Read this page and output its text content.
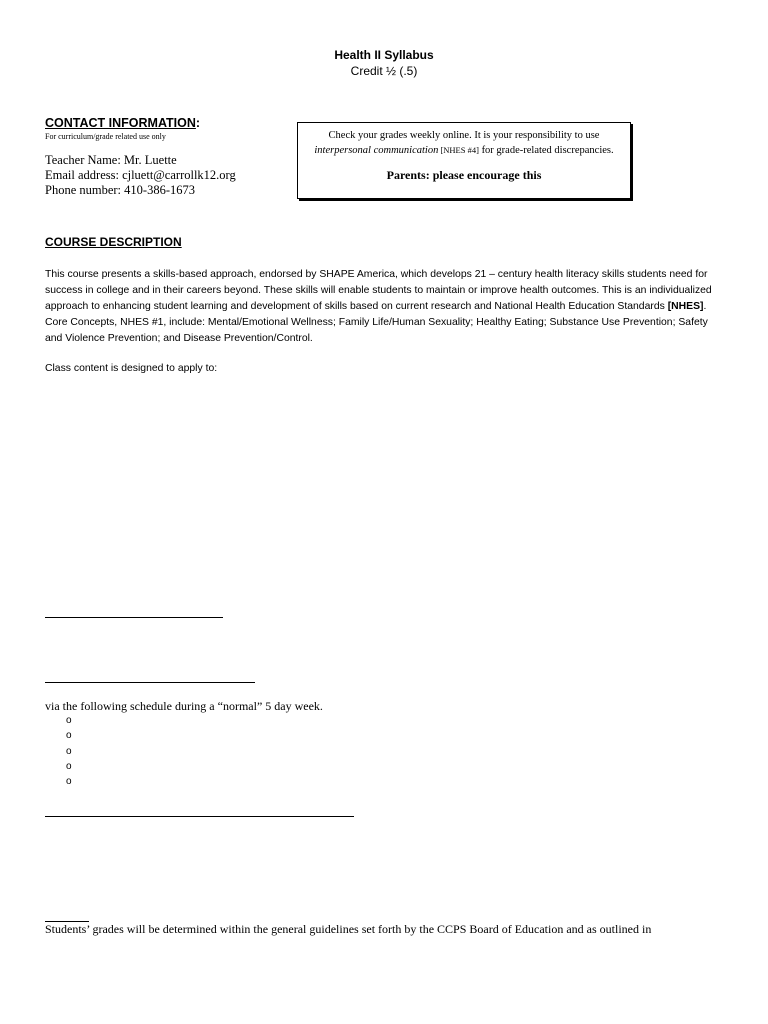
Health II Syllabus
Credit ½ (.5)
CONTACT INFORMATION:
For curriculum/grade related use only
Teacher Name: Mr. Luette
Email address: cjluett@carrollk12.org
Phone number: 410-386-1673
Check your grades weekly online. It is your responsibility to use
interpersonal communication [NHES #4] for grade-related discrepancies.
Parents: please encourage this
COURSE DESCRIPTION
This course presents a skills-based approach, endorsed by SHAPE America, which develops 21 – century health literacy skills students need for success in college and in their careers beyond. These skills will enable students to maintain or improve health outcomes. This is an individualized approach to enhancing student learning and development of skills based on current research and National Health Education Standards [NHES]. Core Concepts, NHES #1, include: Mental/Emotional Wellness; Family Life/Human Sexuality; Healthy Eating; Substance Use Prevention; Safety and Violence Prevention; and Disease Prevention/Control.
Class content is designed to apply to:
via the following schedule during a “normal” 5 day week.
o
o
o
o
o
Students’ grades will be determined within the general guidelines set forth by the CCPS Board of Education and as outlined in
